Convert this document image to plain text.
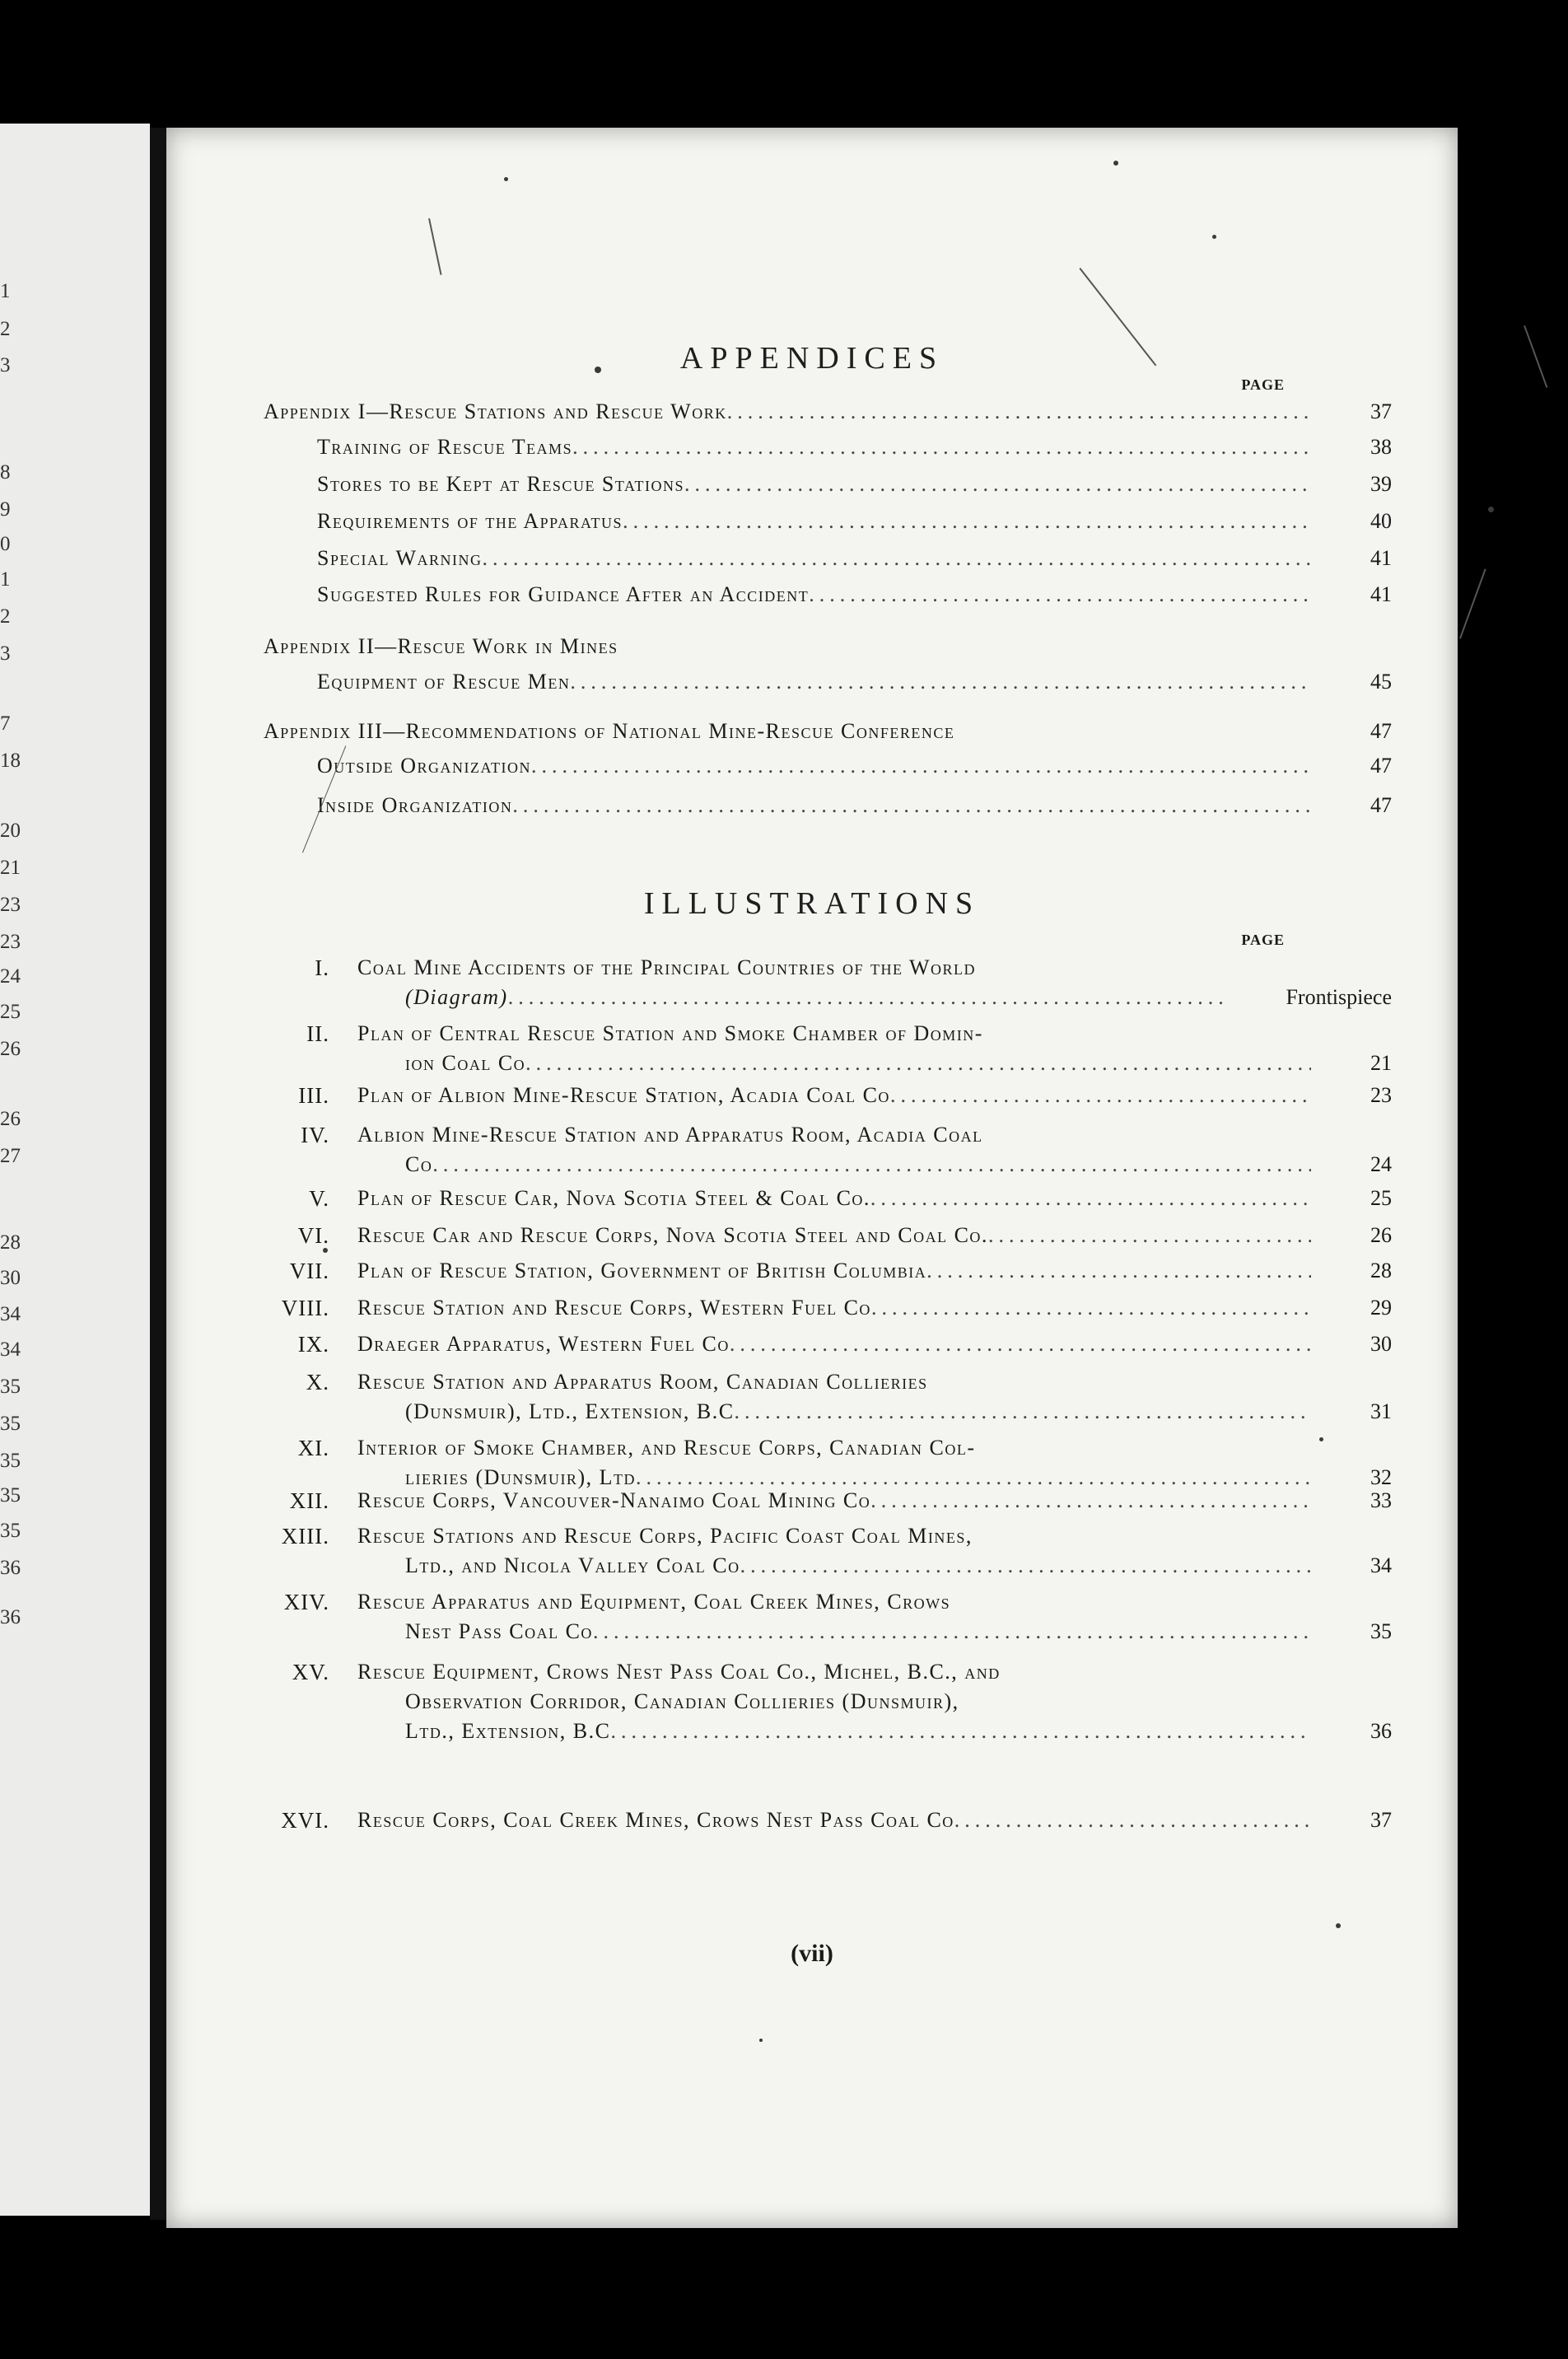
1
2
3
8
9
0
1
2
3
7
18
20
21
23
23
24
25
26
26
27
28
30
34
34
35
35
35
35
35
36
36
APPENDICES
PAGE
Appendix I—Rescue Stations and Rescue Work .....	37
Training of Rescue Teams .....	38
Stores to be Kept at Rescue Stations .....	39
Requirements of the Apparatus .....	40
Special Warning .....	41
Suggested Rules for Guidance After an Accident .....	41
Appendix II—Rescue Work in Mines
Equipment of Rescue Men .....	45
Appendix III—Recommendations of National Mine-Rescue Conference	47
Outside Organization .....	47
Inside Organization .....	47
ILLUSTRATIONS
PAGE
I. Coal Mine Accidents of the Principal Countries of the World
(Diagram) .....	Frontispiece
II. Plan of Central Rescue Station and Smoke Chamber of Domin-
ion Coal Co .....	21
III. Plan of Albion Mine-Rescue Station, Acadia Coal Co .....	23
IV. Albion Mine-Rescue Station and Apparatus Room, Acadia Coal
Co .....	24
V. Plan of Rescue Car, Nova Scotia Steel & Coal Co. .....	25
VI. Rescue Car and Rescue Corps, Nova Scotia Steel and Coal Co. .....	26
VII. Plan of Rescue Station, Government of British Columbia .....	28
VIII. Rescue Station and Rescue Corps, Western Fuel Co .....	29
IX. Draeger Apparatus, Western Fuel Co .....	30
X. Rescue Station and Apparatus Room, Canadian Collieries
(Dunsmuir), Ltd., Extension, B.C .....	31
XI. Interior of Smoke Chamber, and Rescue Corps, Canadian Col-
lieries (Dunsmuir), Ltd .....	32
XII. Rescue Corps, Vancouver-Nanaimo Coal Mining Co .....	33
XIII. Rescue Stations and Rescue Corps, Pacific Coast Coal Mines,
Ltd., and Nicola Valley Coal Co .....	34
XIV. Rescue Apparatus and Equipment, Coal Creek Mines, Crows
Nest Pass Coal Co .....	35
XV. Rescue Equipment, Crows Nest Pass Coal Co., Michel, B.C., and
Observation Corridor, Canadian Collieries (Dunsmuir),
Ltd., Extension, B.C .....	36
XVI. Rescue Corps, Coal Creek Mines, Crows Nest Pass Coal Co .....	37
(vii)
